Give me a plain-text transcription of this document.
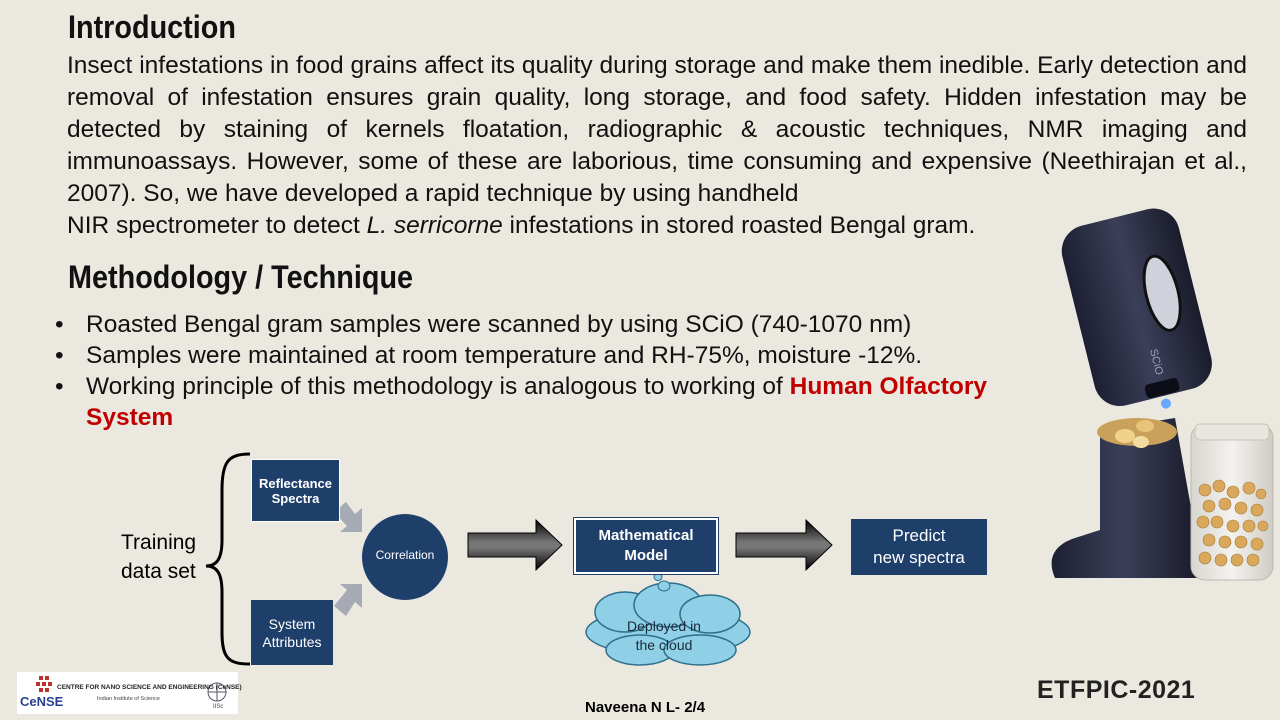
Introduction
Insect infestations in food grains affect its quality during storage and make them inedible. Early detection and removal of infestation ensures grain quality, long storage, and food safety. Hidden infestation may be detected by staining of kernels floatation, radiographic & acoustic techniques, NMR imaging and immunoassays. However, some of these are laborious, time consuming and expensive (Neethirajan et al., 2007). So, we have developed a rapid technique by using handheld
NIR spectrometer to detect L. serricorne infestations in stored roasted Bengal gram.
Methodology / Technique
• Roasted Bengal gram samples were scanned by using SCiO (740-1070 nm)
• Samples were maintained at room temperature and RH-75%, moisture -12%.
• Working principle of this methodology is analogous to working of Human Olfactory System
Training
data set
Reflectance
Spectra
System
Attributes
Correlation
Mathematical
Model
Predict
new spectra
Deployed in
the cloud
SCiO
CeNSE
CENTRE FOR NANO SCIENCE AND ENGINEERING (CeNSE)
Indian Institute of Science
IISc	Naveena N L- 2/4
ETFPIC-2021
